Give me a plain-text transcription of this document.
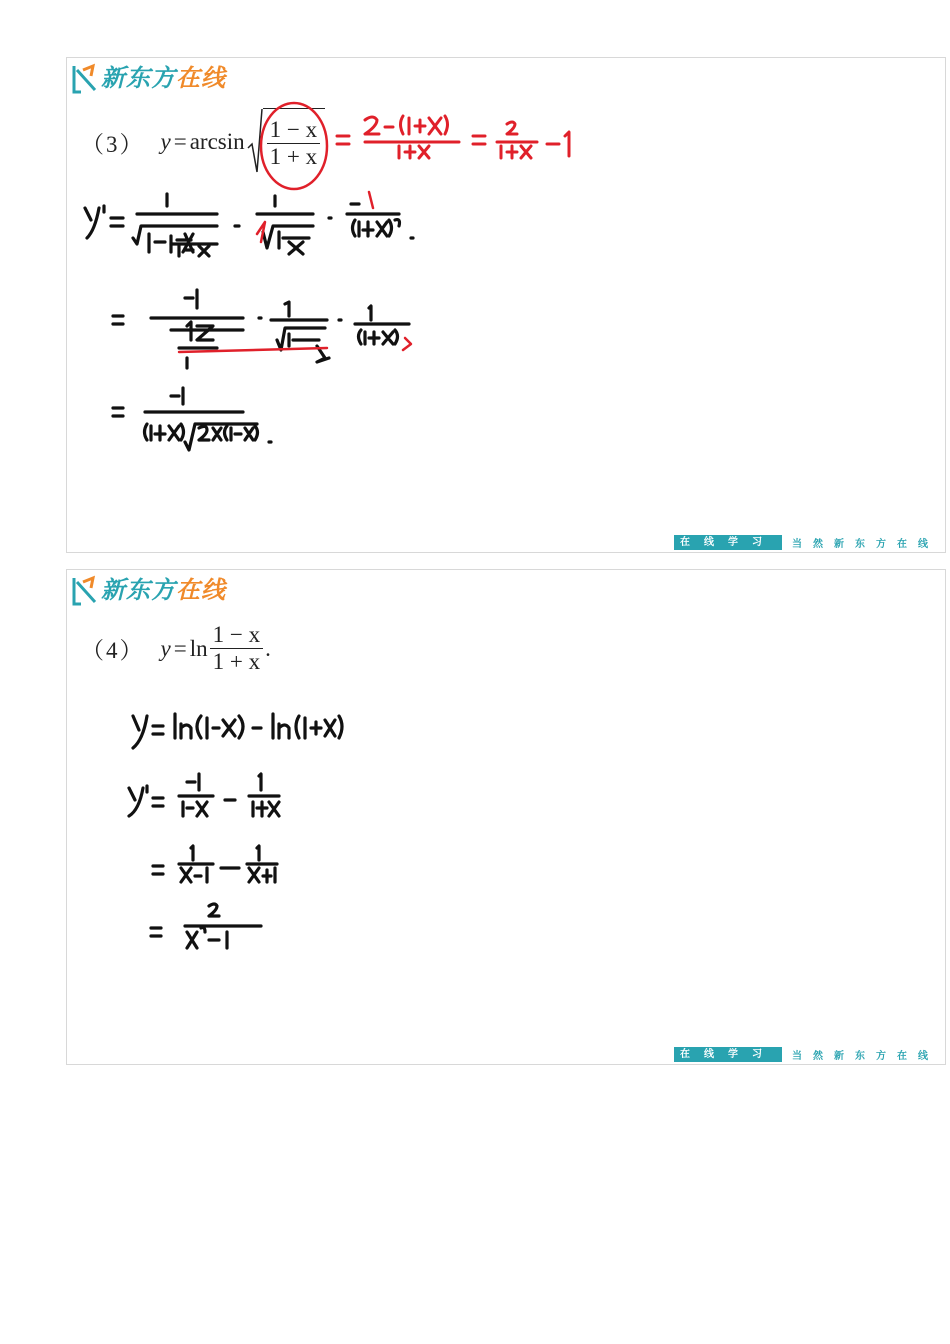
新东方在线
（3） $y = \arcsin \frac{1 - x}{1 + x}$
在线学习	当然新东方在线
新东方在线
（4） $y = \ln \frac{1 - x}{1 + x}$ .
在线学习	当然新东方在线
